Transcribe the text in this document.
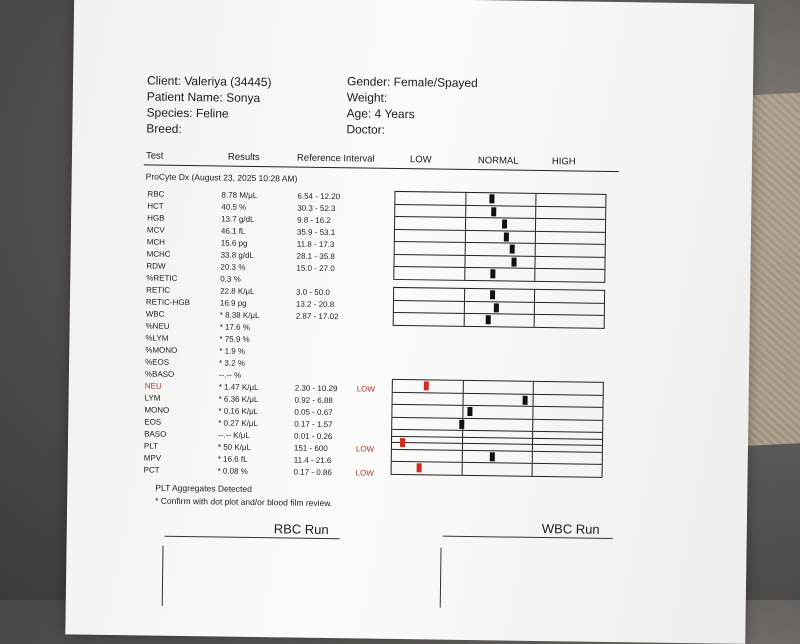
Client: Valeriya (34445)
Patient Name: Sonya
Species: Feline
Breed:
Gender: Female/Spayed
Weight:
Age: 4 Years
Doctor:
Test	Results	Reference Interval	LOW	NORMAL	HIGH
ProCyte Dx (August 23, 2025 10:28 AM)
RBC	8.78 M/μL	6.54 - 12.20
HCT	40.5 %	30.3 - 52.3
HGB	13.7 g/dL	9.8 - 16.2
MCV	46.1 fL	35.9 - 53.1
MCH	15.6 pg	11.8 - 17.3
MCHC	33.8 g/dL	28.1 - 35.8
RDW	20.3 %	15.0 - 27.0
%RETIC	0.3 %
RETIC	22.8 K/μL	3.0 - 50.0
RETIC-HGB	16.9 pg	13.2 - 20.8
WBC	* 8.38 K/μL	2.87 - 17.02
%NEU	* 17.6 %
%LYM	* 75.9 %
%MONO	* 1.9 %
%EOS	* 3.2 %
%BASO	--.-- %
NEU	* 1.47 K/μL	2.30 - 10.29 LOW
LYM	* 6.36 K/μL	0.92 - 6.88
MONO	* 0.16 K/μL	0.05 - 0.67
EOS	* 0.27 K/μL	0.17 - 1.57
BASO	--.-- K/μL	0.01 - 0.26
PLT	* 50 K/μL	151 - 600	LOW
MPV	* 16.6 fL	11.4 - 21.6
PCT	* 0.08 %	0.17 - 0.86	LOW
PLT Aggregates Detected
* Confirm with dot plot and/or blood film review.
RBC Run	WBC Run
